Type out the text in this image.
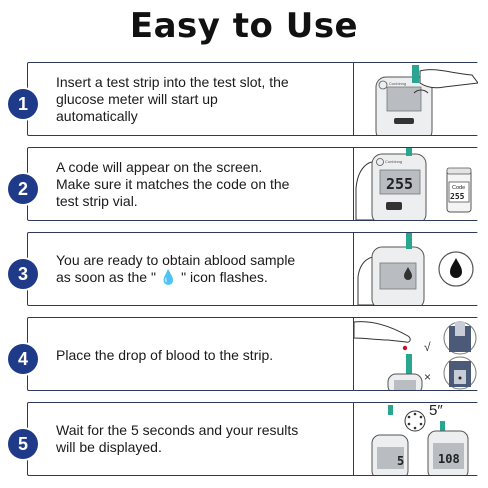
Easy to Use
1
Insert a test strip into the test slot, the
glucose meter will start up
automatically
Conbinng
2
A code will appear on the screen.
Make sure it matches the code on the
test strip vial.
Conbinng
255	Code
255
3
You are ready to obtain ablood sample
as soon as the " 💧 " icon flashes.
4	Place the drop of blood to the strip.	√
×
5
Wait for the 5 seconds and your results
will be displayed.
5″
5	108
